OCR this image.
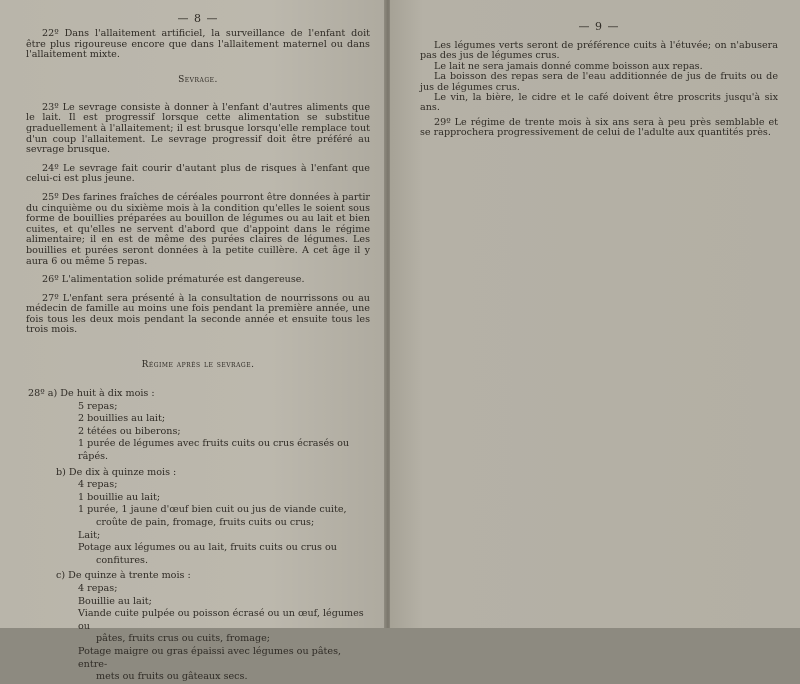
— 8 —

22º Dans l'allaitement artificiel, la surveillance de l'enfant doit être plus rigoureuse encore que dans l'allaitement maternel ou dans l'allaitement mixte.

Sevrage.

23º Le sevrage consiste à donner à l'enfant d'autres aliments que le lait. Il est progressif lorsque cette alimentation se substitue graduellement à l'allaitement; il est brusque lorsqu'elle remplace tout d'un coup l'allaitement. Le sevrage progressif doit être préféré au sevrage brusque.

24º Le sevrage fait courir d'autant plus de risques à l'enfant que celui-ci est plus jeune.

25º Des farines fraîches de céréales pourront être données à partir du cinquième ou du sixième mois à la condition qu'elles le soient sous forme de bouillies préparées au bouillon de légumes ou au lait et bien cuites, et qu'elles ne servent d'abord que d'appoint dans le régime alimentaire; il en est de même des purées claires de légumes. Les bouillies et purées seront données à la petite cuillère. A cet âge il y aura 6 ou même 5 repas.

26º L'alimentation solide prématurée est dangereuse.

27º L'enfant sera présenté à la consultation de nourrissons ou au médecin de famille au moins une fois pendant la première année, une fois tous les deux mois pendant la seconde année et ensuite tous les trois mois.

Régime après le sevrage.
28º a) De huit à dix mois :
5 repas;
2 bouillies au lait;
2 tétées ou biberons;
1 purée de légumes avec fruits cuits ou crus écrasés ou râpés.
b) De dix à quinze mois :
4 repas;
1 bouillie au lait;
1 purée, 1 jaune d'œuf bien cuit ou jus de viande cuite,
croûte de pain, fromage, fruits cuits ou crus;
Lait;
Potage aux légumes ou au lait, fruits cuits ou crus ou
confitures.
c) De quinze à trente mois :
4 repas;
Bouillie au lait;
Viande cuite pulpée ou poisson écrasé ou un œuf, légumes ou
pâtes, fruits crus ou cuits, fromage;
Potage maigre ou gras épaissi avec légumes ou pâtes, entre-
mets ou fruits ou gâteaux secs.
— 9 —

Les légumes verts seront de préférence cuits à l'étuvée; on n'abusera pas des jus de légumes crus.

Le lait ne sera jamais donné comme boisson aux repas.

La boisson des repas sera de l'eau additionnée de jus de fruits ou de jus de légumes crus.

Le vin, la bière, le cidre et le café doivent être proscrits jusqu'à six ans.

29º Le régime de trente mois à six ans sera à peu près semblable et se rapprochera progressivement de celui de l'adulte aux quantités près.
